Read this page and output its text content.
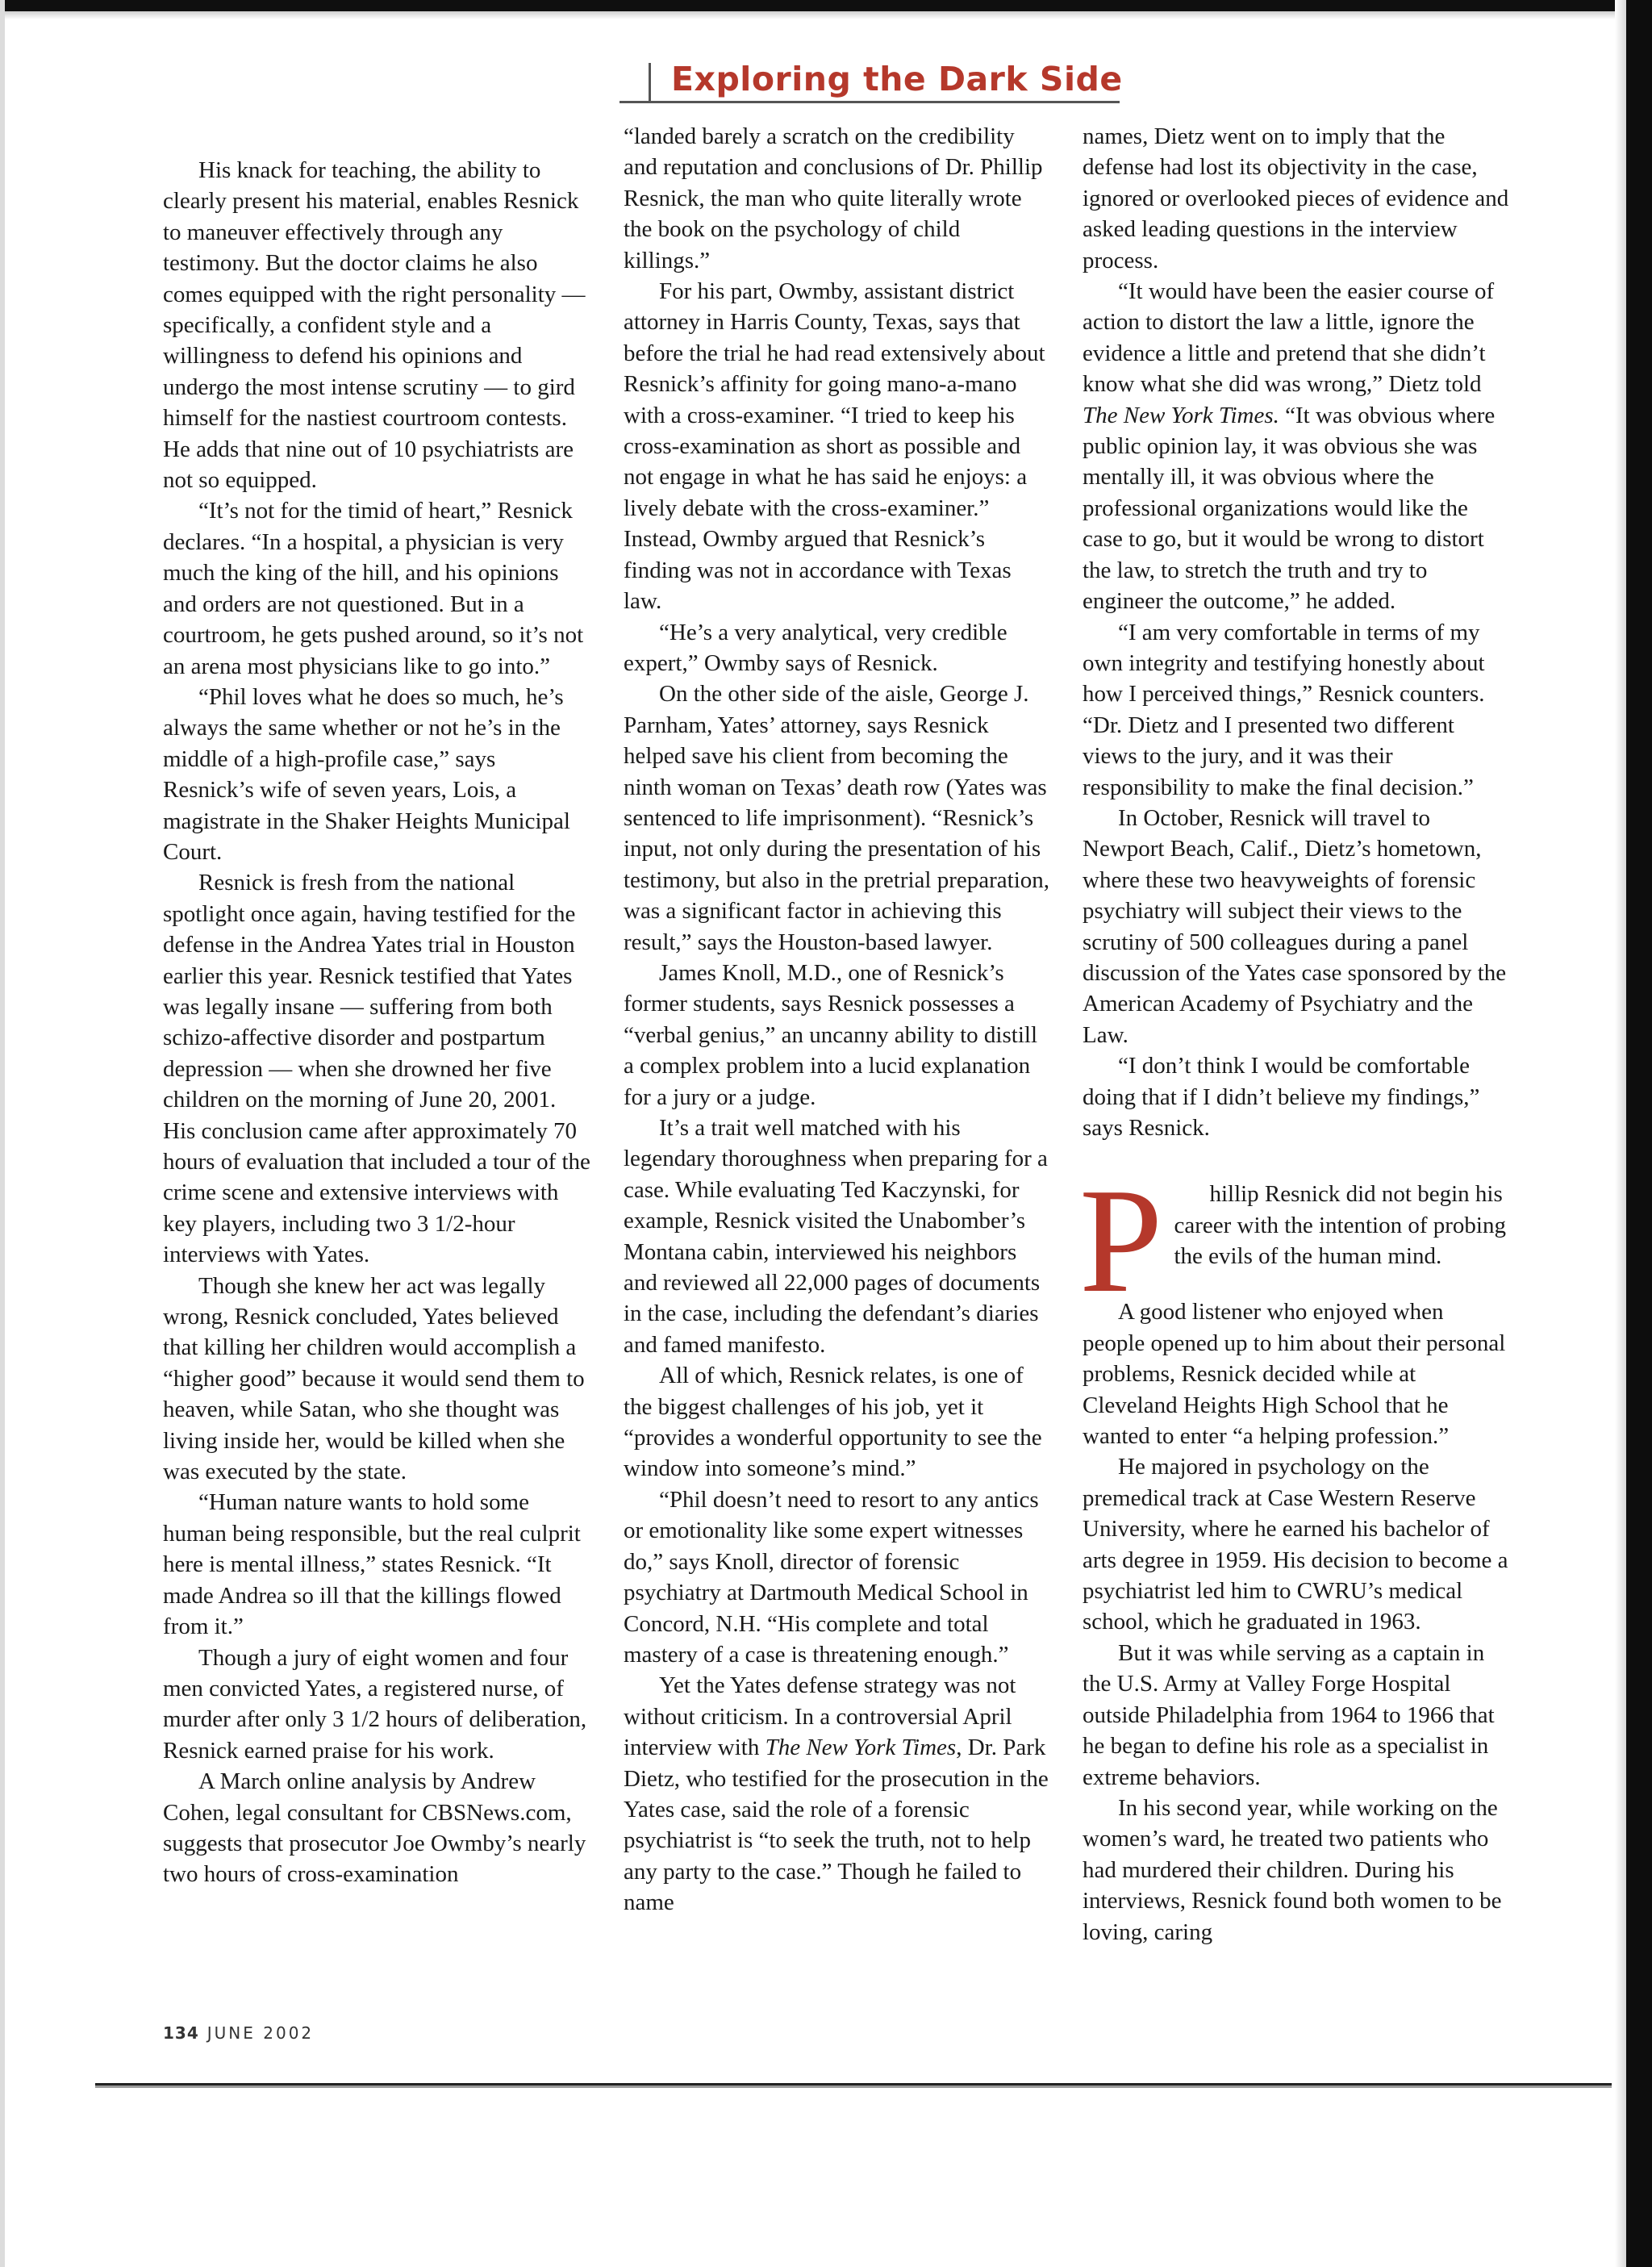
Exploring the Dark Side

His knack for teaching, the ability to clearly present his material, enables Resnick to maneuver effectively through any testimony. But the doctor claims he also comes equipped with the right personality — specifically, a confident style and a willingness to defend his opinions and undergo the most intense scrutiny — to gird himself for the nastiest courtroom contests. He adds that nine out of 10 psychiatrists are not so equipped.

“It’s not for the timid of heart,” Resnick declares. “In a hospital, a physician is very much the king of the hill, and his opinions and orders are not questioned. But in a courtroom, he gets pushed around, so it’s not an arena most physicians like to go into.”

“Phil loves what he does so much, he’s always the same whether or not he’s in the middle of a high-profile case,” says Resnick’s wife of seven years, Lois, a magistrate in the Shaker Heights Municipal Court.

Resnick is fresh from the national spotlight once again, having testified for the defense in the Andrea Yates trial in Houston earlier this year. Resnick testified that Yates was legally insane — suffering from both schizo-affective disorder and postpartum depression — when she drowned her five children on the morning of June 20, 2001. His conclusion came after approximately 70 hours of evaluation that included a tour of the crime scene and extensive interviews with key players, including two 3 1/2-hour interviews with Yates.

Though she knew her act was legally wrong, Resnick concluded, Yates believed that killing her children would accomplish a “higher good” because it would send them to heaven, while Satan, who she thought was living inside her, would be killed when she was executed by the state.

“Human nature wants to hold some human being responsible, but the real culprit here is mental illness,” states Resnick. “It made Andrea so ill that the killings flowed from it.”

Though a jury of eight women and four men convicted Yates, a registered nurse, of murder after only 3 1/2 hours of deliberation, Resnick earned praise for his work.

A March online analysis by Andrew Cohen, legal consultant for CBSNews.com, suggests that prosecutor Joe Owmby’s nearly two hours of cross-examination

“landed barely a scratch on the credibility and reputation and conclusions of Dr. Phillip Resnick, the man who quite literally wrote the book on the psychology of child killings.”

For his part, Owmby, assistant district attorney in Harris County, Texas, says that before the trial he had read extensively about Resnick’s affinity for going mano-a-mano with a cross-examiner. “I tried to keep his cross-examination as short as possible and not engage in what he has said he enjoys: a lively debate with the cross-examiner.” Instead, Owmby argued that Resnick’s finding was not in accordance with Texas law.

“He’s a very analytical, very credible expert,” Owmby says of Resnick.

On the other side of the aisle, George J. Parnham, Yates’ attorney, says Resnick helped save his client from becoming the ninth woman on Texas’ death row (Yates was sentenced to life imprisonment). “Resnick’s input, not only during the presentation of his testimony, but also in the pretrial preparation, was a significant factor in achieving this result,” says the Houston-based lawyer.

James Knoll, M.D., one of Resnick’s former students, says Resnick possesses a “verbal genius,” an uncanny ability to distill a complex problem into a lucid explanation for a jury or a judge.

It’s a trait well matched with his legendary thoroughness when preparing for a case. While evaluating Ted Kaczynski, for example, Resnick visited the Unabomber’s Montana cabin, interviewed his neighbors and reviewed all 22,000 pages of documents in the case, including the defendant’s diaries and famed manifesto.

All of which, Resnick relates, is one of the biggest challenges of his job, yet it “provides a wonderful opportunity to see the window into someone’s mind.”

“Phil doesn’t need to resort to any antics or emotionality like some expert witnesses do,” says Knoll, director of forensic psychiatry at Dartmouth Medical School in Concord, N.H. “His complete and total mastery of a case is threatening enough.”

Yet the Yates defense strategy was not without criticism. In a controversial April interview with The New York Times, Dr. Park Dietz, who testified for the prosecution in the Yates case, said the role of a forensic psychiatrist is “to seek the truth, not to help any party to the case.” Though he failed to name

names, Dietz went on to imply that the defense had lost its objectivity in the case, ignored or overlooked pieces of evidence and asked leading questions in the interview process.

“It would have been the easier course of action to distort the law a little, ignore the evidence a little and pretend that she didn’t know what she did was wrong,” Dietz told The New York Times. “It was obvious where public opinion lay, it was obvious she was mentally ill, it was obvious where the professional organizations would like the case to go, but it would be wrong to distort the law, to stretch the truth and try to engineer the outcome,” he added.

“I am very comfortable in terms of my own integrity and testifying honestly about how I perceived things,” Resnick counters. “Dr. Dietz and I presented two different views to the jury, and it was their responsibility to make the final decision.”

In October, Resnick will travel to Newport Beach, Calif., Dietz’s hometown, where these two heavyweights of forensic psychiatry will subject their views to the scrutiny of 500 colleagues during a panel discussion of the Yates case sponsored by the American Academy of Psychiatry and the Law.

“I don’t think I would be comfortable doing that if I didn’t believe my findings,” says Resnick.

P	hillip Resnick did not begin his career with the intention of probing the evils of the human mind.

A good listener who enjoyed when people opened up to him about their personal problems, Resnick decided while at Cleveland Heights High School that he wanted to enter “a helping profession.”

He majored in psychology on the premedical track at Case Western Reserve University, where he earned his bachelor of arts degree in 1959. His decision to become a psychiatrist led him to CWRU’s medical school, which he graduated in 1963.

But it was while serving as a captain in the U.S. Army at Valley Forge Hospital outside Philadelphia from 1964 to 1966 that he began to define his role as a specialist in extreme behaviors.

In his second year, while working on the women’s ward, he treated two patients who had murdered their children. During his interviews, Resnick found both women to be loving, caring

134 JUNE 2002
